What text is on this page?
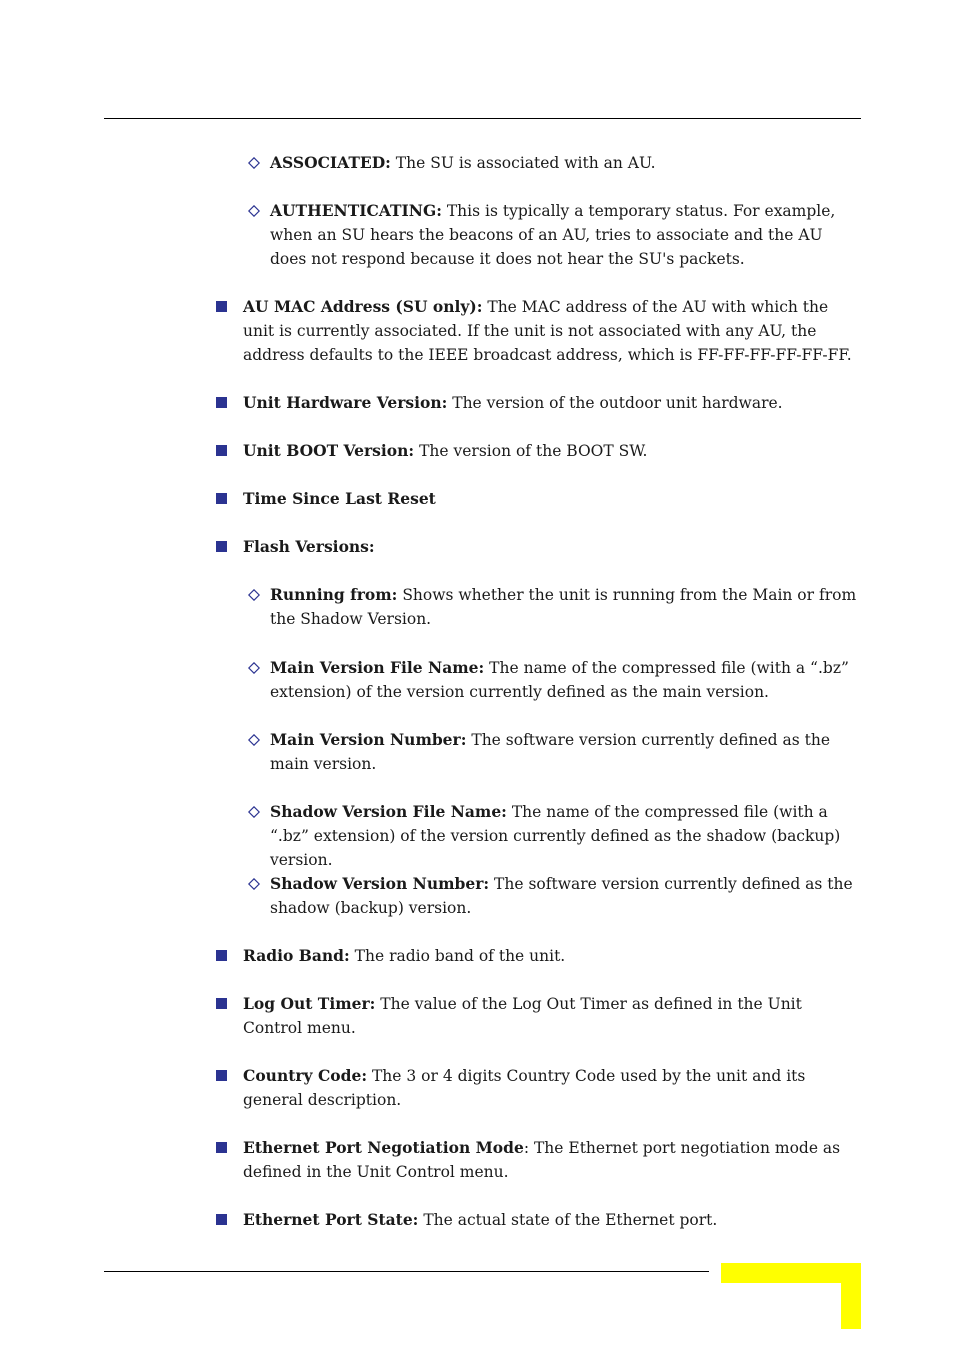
ASSOCIATED: The SU is associated with an AU.
AUTHENTICATING: This is typically a temporary status. For example, when an SU hears the beacons of an AU, tries to associate and the AU does not respond because it does not hear the SU's packets.
AU MAC Address (SU only): The MAC address of the AU with which the unit is currently associated. If the unit is not associated with any AU, the address defaults to the IEEE broadcast address, which is FF-FF-FF-FF-FF-FF.
Unit Hardware Version: The version of the outdoor unit hardware.
Unit BOOT Version: The version of the BOOT SW.
Time Since Last Reset
Flash Versions:
Running from: Shows whether the unit is running from the Main or from the Shadow Version.
Main Version File Name: The name of the compressed file (with a “.bz” extension) of the version currently defined as the main version.
Main Version Number: The software version currently defined as the main version.
Shadow Version File Name: The name of the compressed file (with a “.bz” extension) of the version currently defined as the shadow (backup) version.
Shadow Version Number: The software version currently defined as the shadow (backup) version.
Radio Band: The radio band of the unit.
Log Out Timer: The value of the Log Out Timer as defined in the Unit Control menu.
Country Code: The 3 or 4 digits Country Code used by the unit and its general description.
Ethernet Port Negotiation Mode: The Ethernet port negotiation mode as defined in the Unit Control menu.
Ethernet Port State: The actual state of the Ethernet port.
